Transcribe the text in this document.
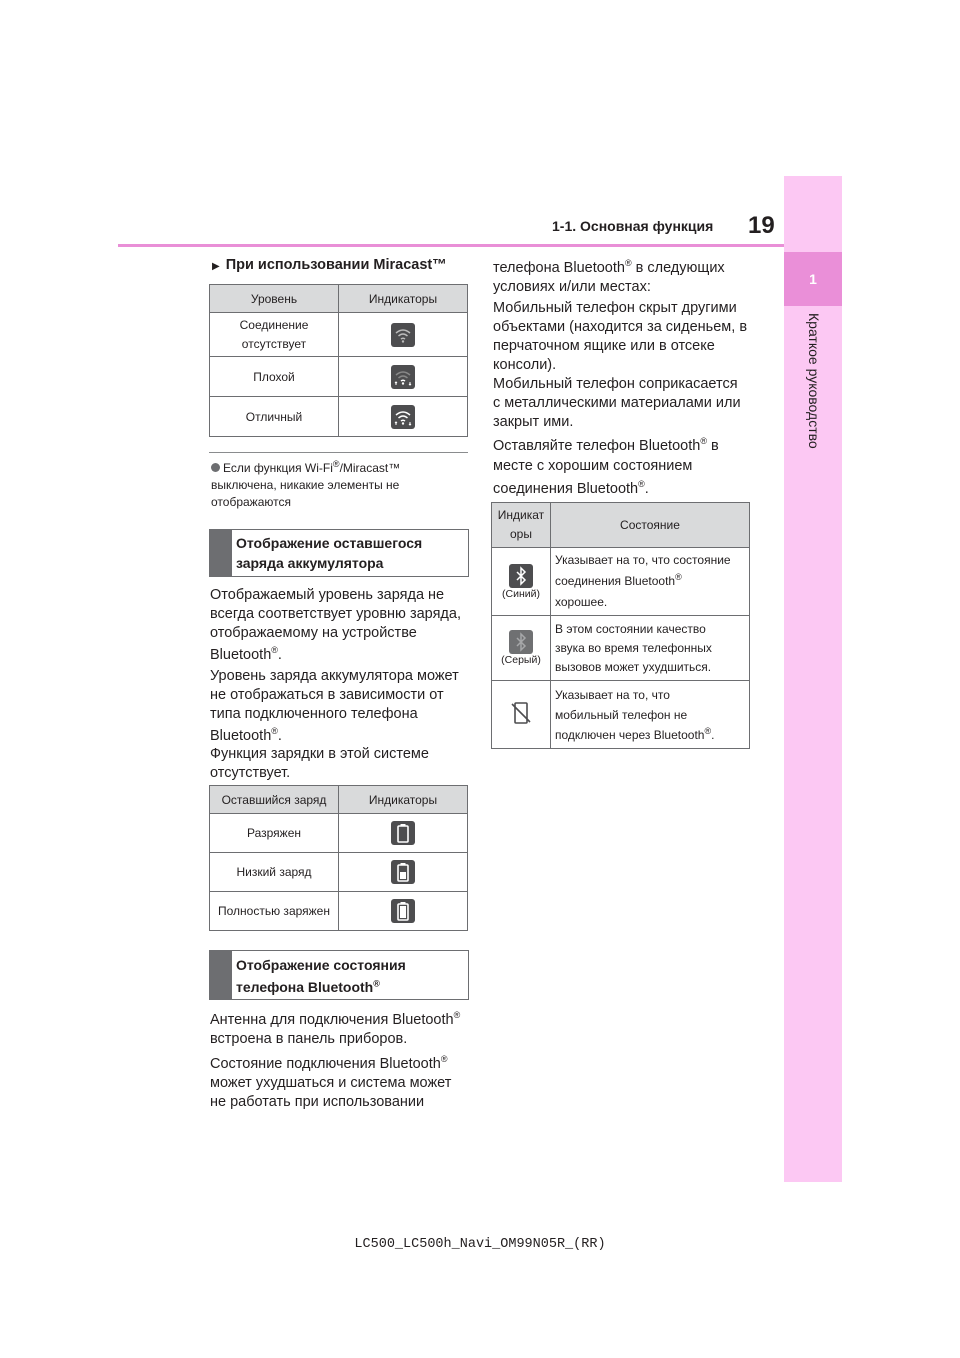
19
1-1. Основная функция
1
Краткое руководство
▶ При использовании Miracast™
Уровень	Индикаторы
Соединение
отсутствует	
Плохой	
Отличный	
Если функция Wi-Fi®/Miracast™
выключена, никакие элементы не
отображаются
Отображение оставшегося
заряда аккумулятора
Отображаемый уровень заряда не
всегда соответствует уровню заряда,
отображаемому на устройстве
Bluetooth®.
Уровень заряда аккумулятора может
не отображаться в зависимости от
типа подключенного телефона
Bluetooth®.
Функция зарядки в этой системе
отсутствует.
Оставшийся заряд	Индикаторы
Разряжен	
Низкий заряд	
Полностью заряжен	
Отображение состояния
телефона Bluetooth®
Антенна для подключения Bluetooth®
встроена в панель приборов.
Состояние подключения Bluetooth®
может ухудшаться и система может
не работать при использовании
телефона Bluetooth® в следующих
условиях и/или местах:
Мобильный телефон скрыт другими
объектами (находится за сиденьем, в
перчаточном ящике или в отсеке
консоли).
Мобильный телефон соприкасается
с металлическими материалами или
закрыт ими.
Оставляйте телефон Bluetooth® в
месте с хорошим состоянием
соединения Bluetooth®.
Индикат
оры	Состояние

(Синий)	Указывает на то, что состояние
соединения Bluetooth®
хорошее.

(Серый)	В этом состоянии качество
звука во время телефонных
вызовов может ухудшиться.
	Указывает на то, что
мобильный телефон не
подключен через Bluetooth®.
LC500_LC500h_Navi_OM99N05R_(RR)
